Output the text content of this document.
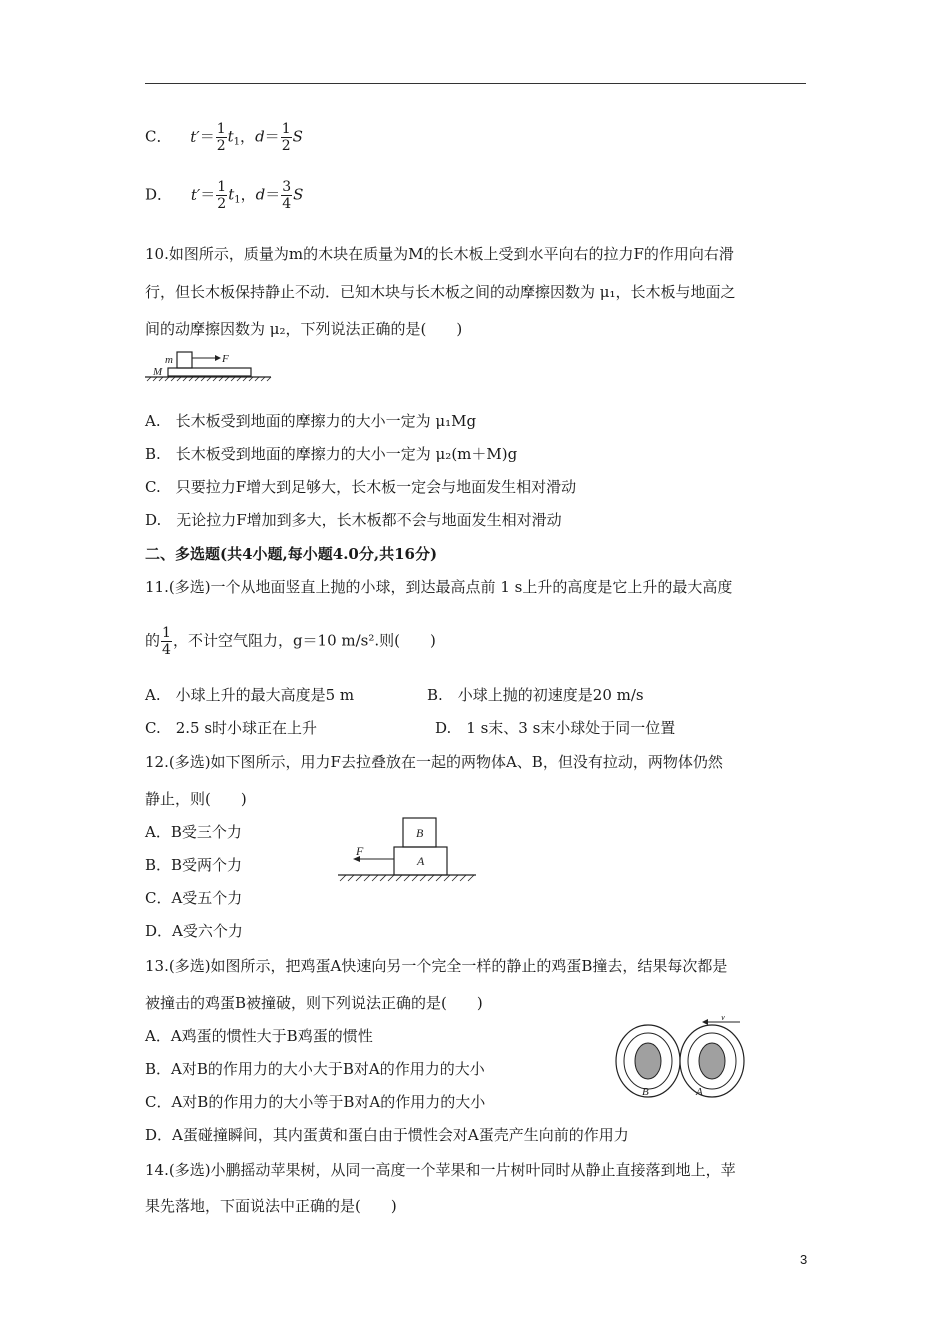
C． $t'= \frac{1}{2} t_1$，$d= \frac{1}{2}$ S
D． $t'= \frac{1}{2} t_1$，$d= \frac{3}{4}$ S
10.如图所示，质量为m的木块在质量为M的长木板上受到水平向右的拉力F的作用向右滑
行，但长木板保持静止不动．已知木块与长木板之间的动摩擦因数为 μ₁，长木板与地面之
间的动摩擦因数为 μ₂，下列说法正确的是(　　)
m
M
F
A.　长木板受到地面的摩擦力的大小一定为 μ₁Mg
B.　长木板受到地面的摩擦力的大小一定为 μ₂(m＋M)g
C.　只要拉力F增大到足够大，长木板一定会与地面发生相对滑动
D.　无论拉力F增加到多大，长木板都不会与地面发生相对滑动
二、多选题(共4小题,每小题4.0分,共16分)
11.(多选)一个从地面竖直上抛的小球，到达最高点前 1 s上升的高度是它上升的最大高度
的 $\frac{1}{4}$ ，不计空气阻力，g＝10 m/s².则(　　)
A.　小球上升的最大高度是5 m	B.　小球上抛的初速度是20 m/s
C.　2.5 s时小球正在上升	D.　1 s末、3 s末小球处于同一位置
12.(多选)如下图所示，用力F去拉叠放在一起的两物体A、B，但没有拉动，两物体仍然
静止，则(　　)
A．B受三个力
B．B受两个力
C．A受五个力
D．A受六个力
B
A
F
13.(多选)如图所示，把鸡蛋A快速向另一个完全一样的静止的鸡蛋B撞去，结果每次都是
被撞击的鸡蛋B被撞破，则下列说法正确的是(　　)
A．A鸡蛋的惯性大于B鸡蛋的惯性
B．A对B的作用力的大小大于B对A的作用力的大小
C．A对B的作用力的大小等于B对A的作用力的大小
D．A蛋碰撞瞬间，其内蛋黄和蛋白由于惯性会对A蛋壳产生向前的作用力
v
B	A
14.(多选)小鹏摇动苹果树，从同一高度一个苹果和一片树叶同时从静止直接落到地上，苹
果先落地，下面说法中正确的是(　　)
3
